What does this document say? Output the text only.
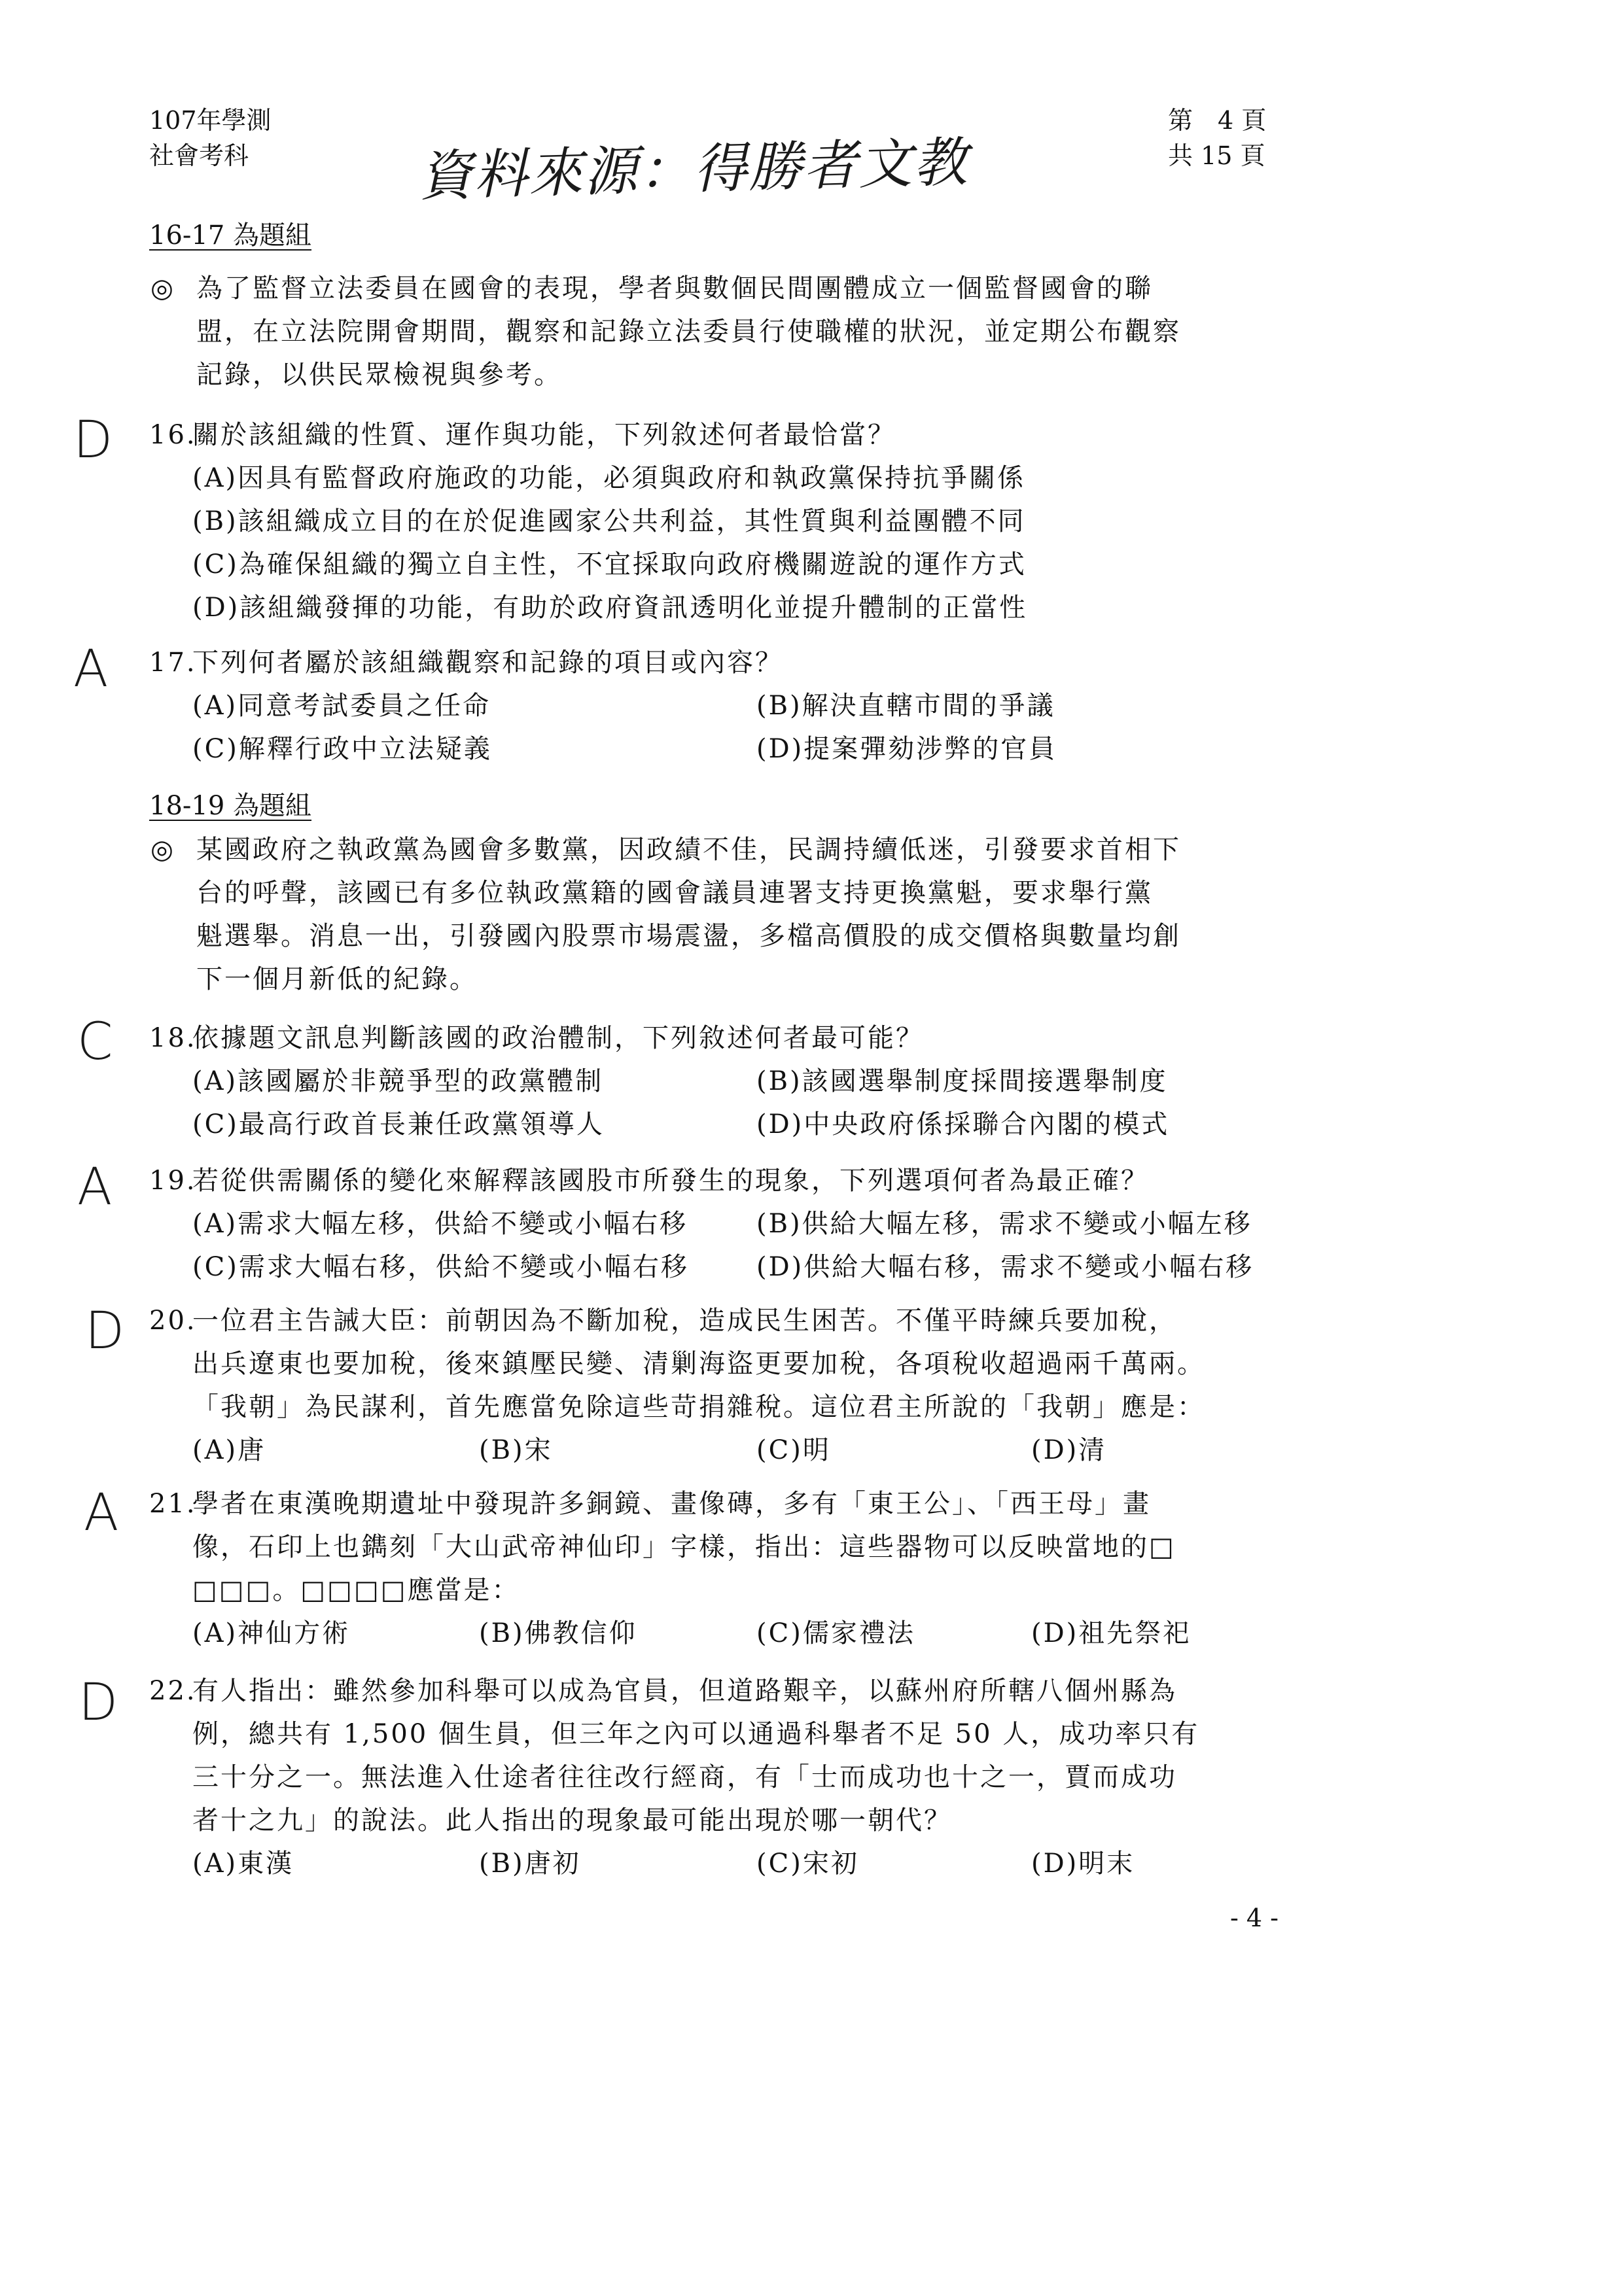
107年學測
社會考科	資料來源：得勝者文教
第　4 頁
共 15 頁
16-17 為題組
◎ 為了監督立法委員在國會的表現，學者與數個民間團體成立一個監督國會的聯
盟，在立法院開會期間，觀察和記錄立法委員行使職權的狀況，並定期公布觀察
記錄，以供民眾檢視與參考。
D 16.
關於該組織的性質、運作與功能，下列敘述何者最恰當？
(A)因具有監督政府施政的功能，必須與政府和執政黨保持抗爭關係
(B)該組織成立目的在於促進國家公共利益，其性質與利益團體不同
(C)為確保組織的獨立自主性，不宜採取向政府機關遊說的運作方式
(D)該組織發揮的功能，有助於政府資訊透明化並提升體制的正當性
A 17.
下列何者屬於該組織觀察和記錄的項目或內容？
(A)同意考試委員之任命	(B)解決直轄市間的爭議
(C)解釋行政中立法疑義	(D)提案彈劾涉弊的官員
18-19 為題組
◎ 某國政府之執政黨為國會多數黨，因政績不佳，民調持續低迷，引發要求首相下
台的呼聲，該國已有多位執政黨籍的國會議員連署支持更換黨魁，要求舉行黨
魁選舉。消息一出，引發國內股票市場震盪，多檔高價股的成交價格與數量均創
下一個月新低的紀錄。
C 18.
依據題文訊息判斷該國的政治體制，下列敘述何者最可能？
(A)該國屬於非競爭型的政黨體制	(B)該國選舉制度採間接選舉制度
(C)最高行政首長兼任政黨領導人	(D)中央政府係採聯合內閣的模式
A 19.
若從供需關係的變化來解釋該國股市所發生的現象，下列選項何者為最正確？
(A)需求大幅左移，供給不變或小幅右移	(B)供給大幅左移，需求不變或小幅左移
(C)需求大幅右移，供給不變或小幅右移	(D)供給大幅右移，需求不變或小幅右移
D 20.
一位君主告誡大臣：前朝因為不斷加稅，造成民生困苦。不僅平時練兵要加稅，
出兵遼東也要加稅，後來鎮壓民變、清剿海盜更要加稅，各項稅收超過兩千萬兩。
「我朝」為民謀利，首先應當免除這些苛捐雜稅。這位君主所說的「我朝」應是：
(A)唐	(B)宋	(C)明	(D)清
A 21.
學者在東漢晚期遺址中發現許多銅鏡、畫像磚，多有「東王公」、「西王母」畫
像，石印上也鐫刻「大山武帝神仙印」字樣，指出：這些器物可以反映當地的□
□□□。□□□□應當是：
(A)神仙方術	(B)佛教信仰	(C)儒家禮法	(D)祖先祭祀
D 22.
有人指出：雖然參加科舉可以成為官員，但道路艱辛，以蘇州府所轄八個州縣為
例，總共有 1,500 個生員，但三年之內可以通過科舉者不足 50 人，成功率只有
三十分之一。無法進入仕途者往往改行經商，有「士而成功也十之一，賈而成功
者十之九」的說法。此人指出的現象最可能出現於哪一朝代？
(A)東漢	(B)唐初	(C)宋初	(D)明末
- 4 -
